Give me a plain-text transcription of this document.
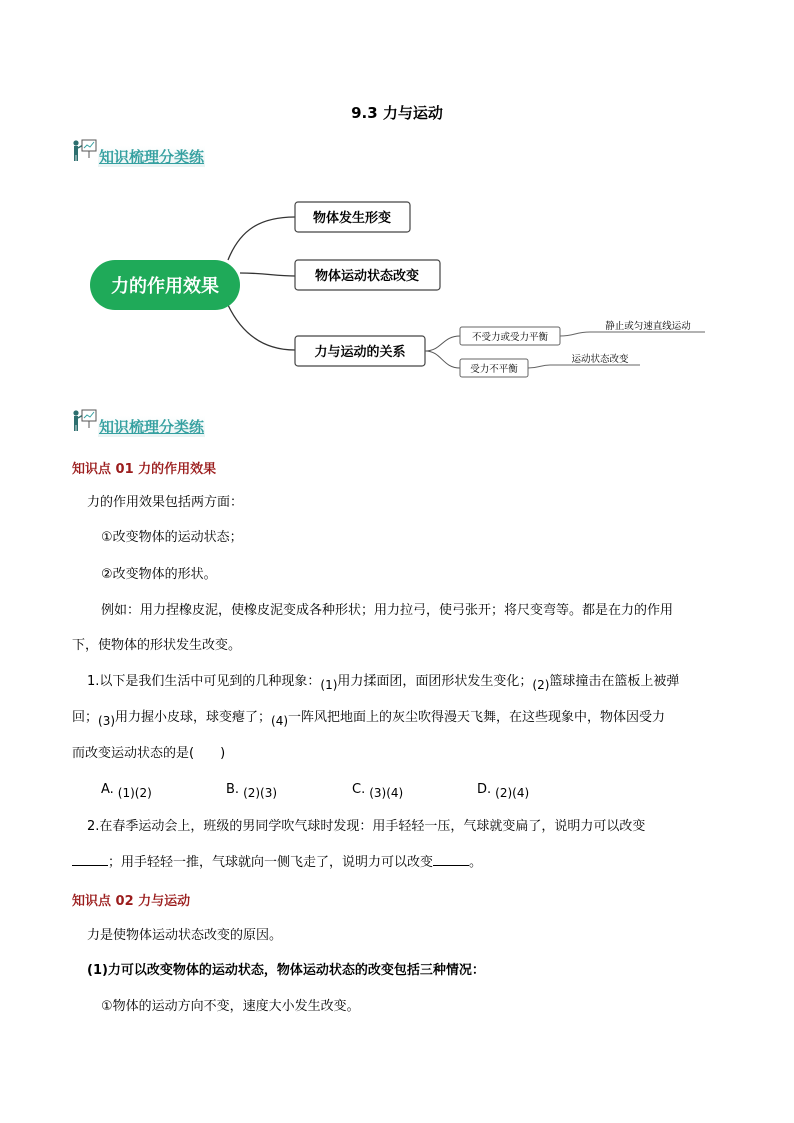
9.3 力与运动
知识梳理分类练
力的作用效果
物体发生形变
物体运动状态改变
力与运动的关系
不受力或受力平衡
静止或匀速直线运动
受力不平衡
运动状态改变
知识梳理分类练
知识点 01 力的作用效果
力的作用效果包括两方面：
①改变物体的运动状态；
②改变物体的形状。
例如：用力捏橡皮泥，使橡皮泥变成各种形状；用力拉弓，使弓张开；将尺变弯等。都是在力的作用
下，使物体的形状发生改变。
1.以下是我们生活中可见到的几种现象：(1)用力揉面团，面团形状发生变化；(2)篮球撞击在篮板上被弹
回；(3)用力握小皮球，球变瘪了；(4)一阵风把地面上的灰尘吹得漫天飞舞，在这些现象中，物体因受力
而改变运动状态的是(　　)
A. (1)(2)	B. (2)(3)	C. (3)(4)	D. (2)(4)
2.在春季运动会上，班级的男同学吹气球时发现：用手轻轻一压，气球就变扁了，说明力可以改变
；用手轻轻一推，气球就向一侧飞走了，说明力可以改变	。
知识点 02 力与运动
力是使物体运动状态改变的原因。
(1)力可以改变物体的运动状态，物体运动状态的改变包括三种情况：
①物体的运动方向不变，速度大小发生改变。
